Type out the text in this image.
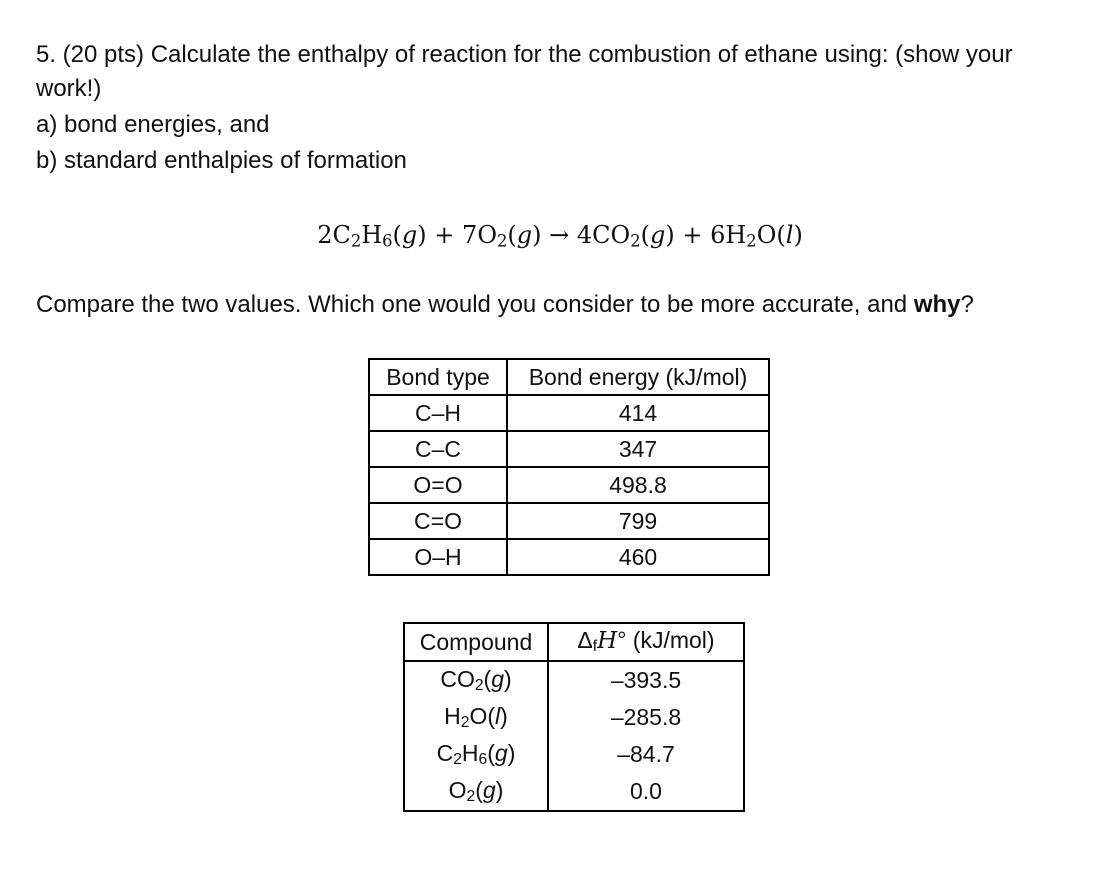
5. (20 pts) Calculate the enthalpy of reaction for the combustion of ethane using: (show your
work!)
a) bond energies, and
b) standard enthalpies of formation
$2C_2H_6(g) + 7O_2(g) \to 4CO_2(g) + 6H_2O(l)$
Compare the two values. Which one would you consider to be more accurate, and why?
Bond type	Bond energy (kJ/mol)
C–H	414
C–C	347
O=O	498.8
C=O	799
O–H	460
Compound	$\Delta_fH^\circ$ (kJ/mol)
$CO_2(g)$	–393.5
$H_2O(l)$	–285.8
$C_2H_6(g)$	–84.7
$O_2(g)$	0.0
